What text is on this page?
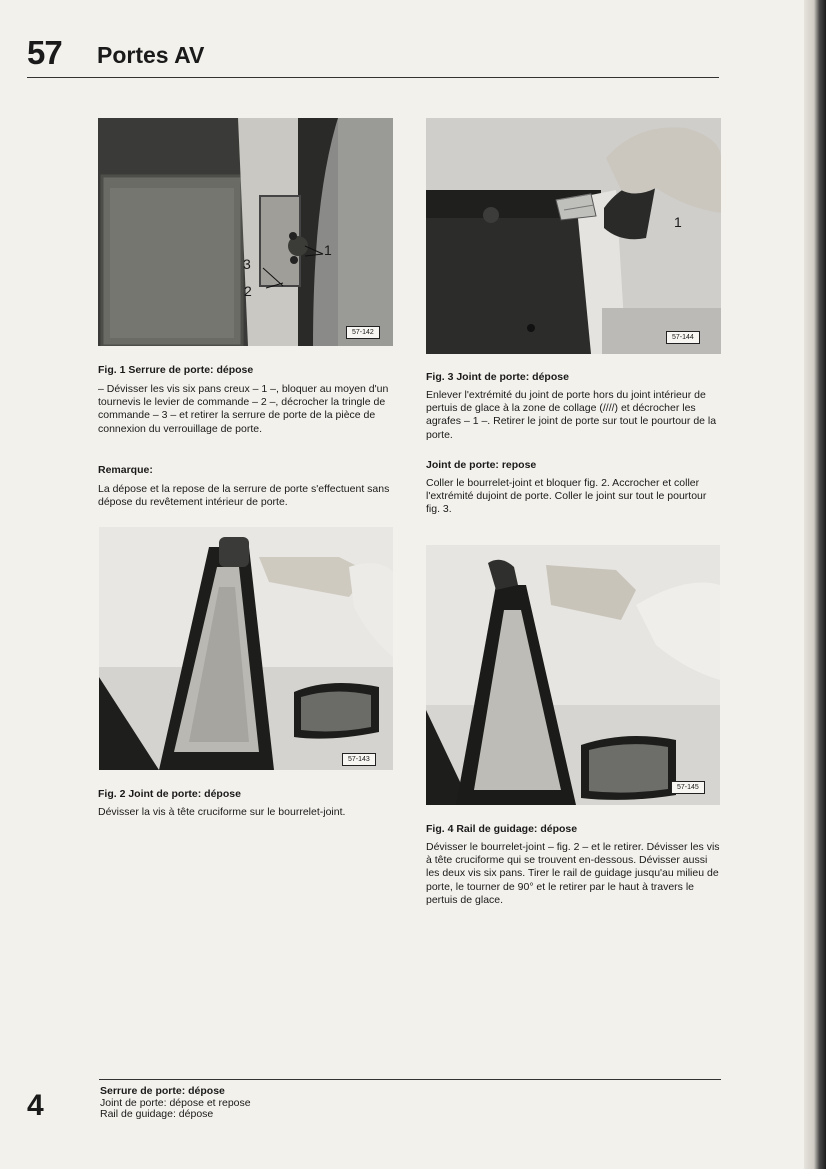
57 Portes AV
1
3
2
57-142
Fig. 1 Serrure de porte: dépose

– Dévisser les vis six pans creux – 1 –, bloquer au moyen d'un tournevis le levier de commande – 2 –, décrocher la tringle de commande – 3 – et retirer la serrure de porte de la pièce de connexion du verrouillage de porte.

Remarque:
La dépose et la repose de la serrure de porte s'effectuent sans dépose du revêtement intérieur de porte.
57-143
Fig. 2 Joint de porte: dépose
Dévisser la vis à tête cruciforme sur le bourrelet-joint.
1
57-144
Fig. 3 Joint de porte: dépose
Enlever l'extrémité du joint de porte hors du joint intérieur de pertuis de glace à la zone de collage (////) et décrocher les agrafes – 1 –. Retirer le joint de porte sur tout le pourtour de la porte.
Joint de porte: repose
Coller le bourrelet-joint et bloquer fig. 2. Accrocher et coller l'extrémité dujoint de porte. Coller le joint sur tout le pourtour fig. 3.
57-145
Fig. 4 Rail de guidage: dépose
Dévisser le bourrelet-joint – fig. 2 – et le retirer. Dévisser les vis à tête cruciforme qui se trouvent en-dessous. Dévisser aussi les deux vis six pans. Tirer le rail de guidage jusqu'au milieu de porte, le tourner de 90° et le retirer par le haut à travers le pertuis de glace.
4	Serrure de porte: dépose
Joint de porte: dépose et repose
Rail de guidage: dépose
